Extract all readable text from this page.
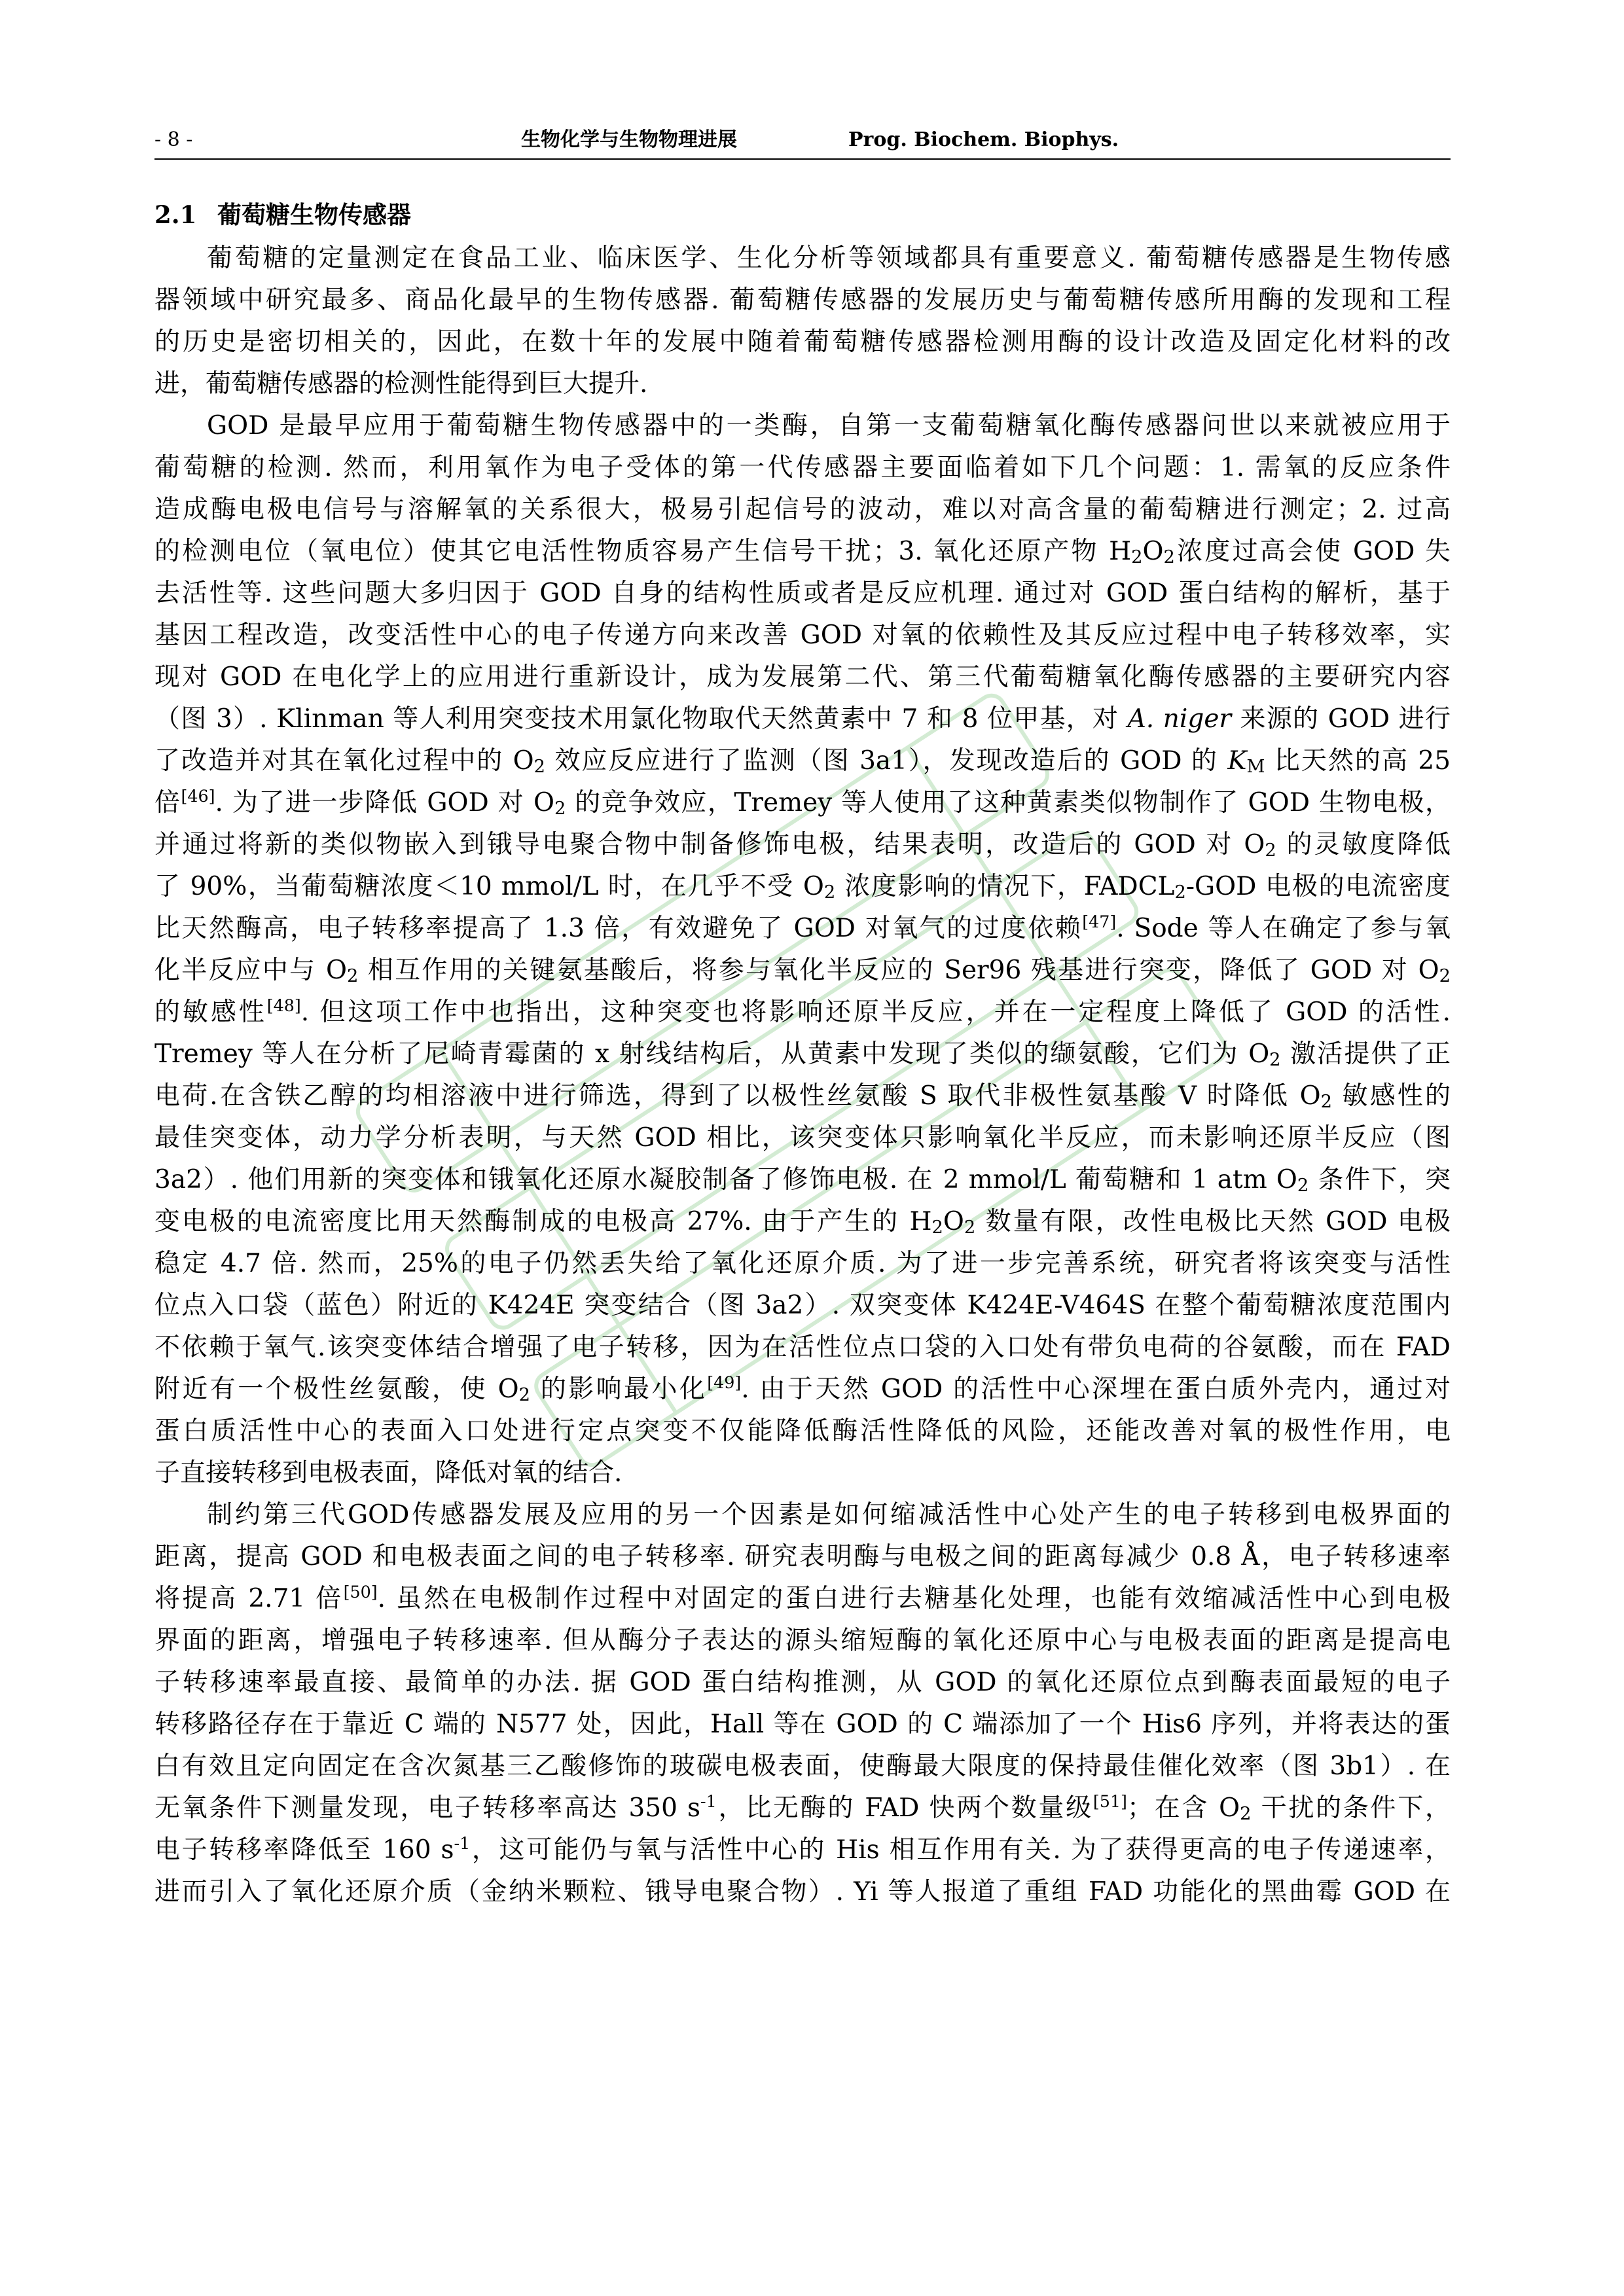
- 8 -	生物化学与生物物理进展	Prog. Biochem. Biophys.
2.1 葡萄糖生物传感器
葡萄糖的定量测定在食品工业、临床医学、生化分析等领域都具有重要意义. 葡萄糖传感器是生物传感
器领域中研究最多、商品化最早的生物传感器. 葡萄糖传感器的发展历史与葡萄糖传感所用酶的发现和工程
的历史是密切相关的，因此，在数十年的发展中随着葡萄糖传感器检测用酶的设计改造及固定化材料的改
进，葡萄糖传感器的检测性能得到巨大提升.
GOD 是最早应用于葡萄糖生物传感器中的一类酶，自第一支葡萄糖氧化酶传感器问世以来就被应用于
葡萄糖的检测. 然而，利用氧作为电子受体的第一代传感器主要面临着如下几个问题：1. 需氧的反应条件
造成酶电极电信号与溶解氧的关系很大，极易引起信号的波动，难以对高含量的葡萄糖进行测定；2. 过高
的检测电位（氧电位）使其它电活性物质容易产生信号干扰；3. 氧化还原产物 $H_2O_2$浓度过高会使 GOD 失
去活性等. 这些问题大多归因于 GOD 自身的结构性质或者是反应机理. 通过对 GOD 蛋白结构的解析，基于
基因工程改造，改变活性中心的电子传递方向来改善 GOD 对氧的依赖性及其反应过程中电子转移效率，实
现对 GOD 在电化学上的应用进行重新设计，成为发展第二代、第三代葡萄糖氧化酶传感器的主要研究内容
（图 3）. Klinman 等人利用突变技术用氯化物取代天然黄素中 7 和 8 位甲基，对 A. niger 来源的 GOD 进行
了改造并对其在氧化过程中的 $O_2$ 效应反应进行了监测（图 3a1），发现改造后的 GOD 的 $K_M$ 比天然的高 25
倍[46]. 为了进一步降低 GOD 对 $O_2$ 的竞争效应，Tremey 等人使用了这种黄素类似物制作了 GOD 生物电极，
并通过将新的类似物嵌入到锇导电聚合物中制备修饰电极，结果表明，改造后的 GOD 对 $O_2$ 的灵敏度降低
了 90%，当葡萄糖浓度＜10 mmol/L 时，在几乎不受 $O_2$ 浓度影响的情况下，$FADCL_2$-GOD 电极的电流密度
比天然酶高，电子转移率提高了 1.3 倍，有效避免了 GOD 对氧气的过度依赖[47]. Sode 等人在确定了参与氧
化半反应中与 $O_2$ 相互作用的关键氨基酸后，将参与氧化半反应的 Ser96 残基进行突变，降低了 GOD 对 $O_2$
的敏感性[48]. 但这项工作中也指出，这种突变也将影响还原半反应，并在一定程度上降低了 GOD 的活性.
Tremey 等人在分析了尼崎青霉菌的 x 射线结构后，从黄素中发现了类似的缬氨酸，它们为 $O_2$ 激活提供了正
电荷.在含铁乙醇的均相溶液中进行筛选，得到了以极性丝氨酸 S 取代非极性氨基酸 V 时降低 $O_2$ 敏感性的
最佳突变体，动力学分析表明，与天然 GOD 相比，该突变体只影响氧化半反应，而未影响还原半反应（图
3a2）. 他们用新的突变体和锇氧化还原水凝胶制备了修饰电极. 在 2 mmol/L 葡萄糖和 1 atm $O_2$ 条件下，突
变电极的电流密度比用天然酶制成的电极高 27%. 由于产生的 $H_2O_2$ 数量有限，改性电极比天然 GOD 电极
稳定 4.7 倍. 然而，25%的电子仍然丢失给了氧化还原介质. 为了进一步完善系统，研究者将该突变与活性
位点入口袋（蓝色）附近的 K424E 突变结合（图 3a2）. 双突变体 K424E-V464S 在整个葡萄糖浓度范围内
不依赖于氧气.该突变体结合增强了电子转移，因为在活性位点口袋的入口处有带负电荷的谷氨酸，而在 FAD
附近有一个极性丝氨酸，使 $O_2$ 的影响最小化[49]. 由于天然 GOD 的活性中心深埋在蛋白质外壳内，通过对
蛋白质活性中心的表面入口处进行定点突变不仅能降低酶活性降低的风险，还能改善对氧的极性作用，电
子直接转移到电极表面，降低对氧的结合.
制约第三代GOD传感器发展及应用的另一个因素是如何缩减活性中心处产生的电子转移到电极界面的
距离，提高 GOD 和电极表面之间的电子转移率. 研究表明酶与电极之间的距离每减少 0.8 Å，电子转移速率
将提高 2.71 倍[50]. 虽然在电极制作过程中对固定的蛋白进行去糖基化处理，也能有效缩减活性中心到电极
界面的距离，增强电子转移速率. 但从酶分子表达的源头缩短酶的氧化还原中心与电极表面的距离是提高电
子转移速率最直接、最简单的办法. 据 GOD 蛋白结构推测，从 GOD 的氧化还原位点到酶表面最短的电子
转移路径存在于靠近 C 端的 N577 处，因此，Hall 等在 GOD 的 C 端添加了一个 His6 序列，并将表达的蛋
白有效且定向固定在含次氮基三乙酸修饰的玻碳电极表面，使酶最大限度的保持最佳催化效率（图 3b1）. 在
无氧条件下测量发现，电子转移率高达 350 $s^{-1}$，比无酶的 FAD 快两个数量级[51]；在含 $O_2$ 干扰的条件下，
电子转移率降低至 160 $s^{-1}$，这可能仍与氧与活性中心的 His 相互作用有关. 为了获得更高的电子传递速率，
进而引入了氧化还原介质（金纳米颗粒、锇导电聚合物）. Yi 等人报道了重组 FAD 功能化的黑曲霉 GOD 在
